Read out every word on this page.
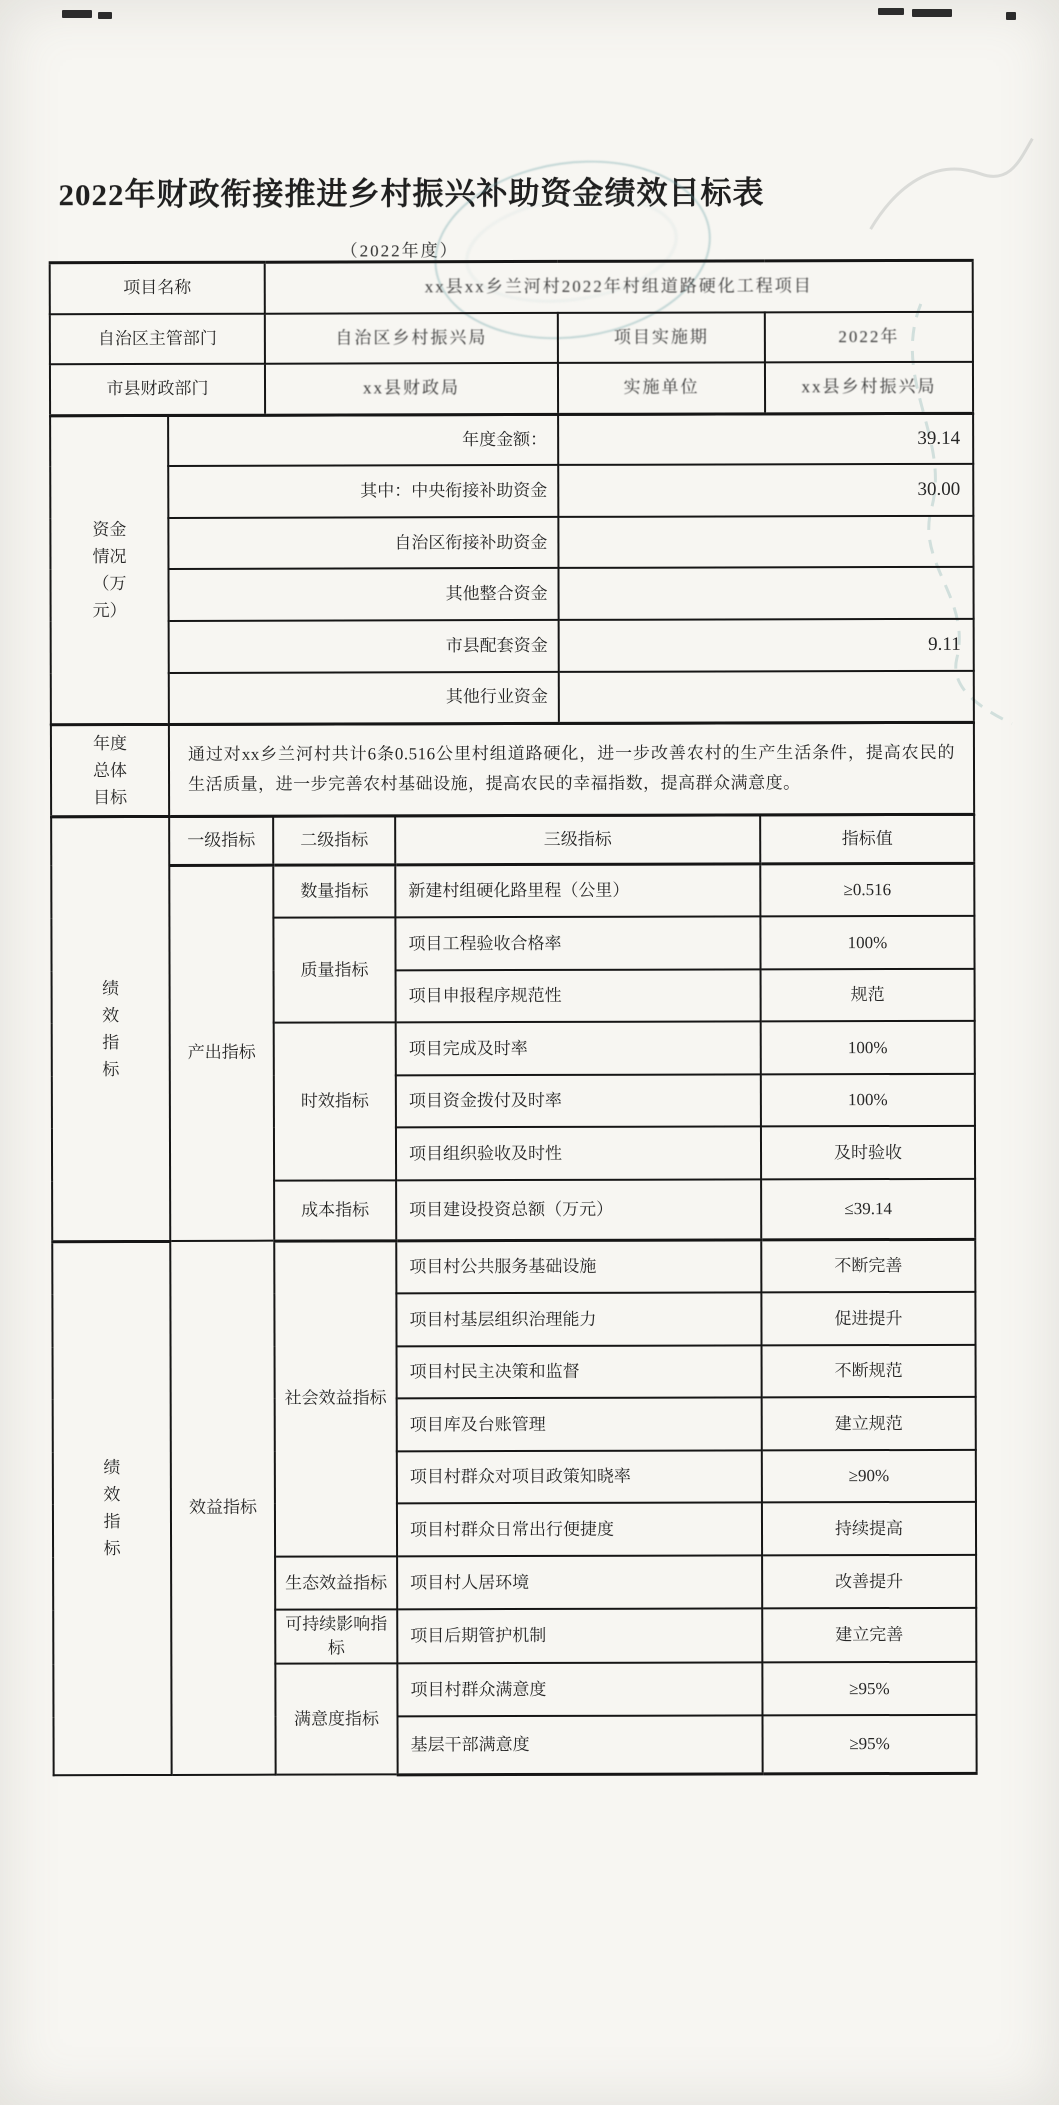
2022年财政衔接推进乡村振兴补助资金绩效目标表
（2022年度）
项目名称	xx县xx乡兰河村2022年村组道路硬化工程项目		
自治区主管部门	自治区乡村振兴局	项目实施期	2022年
市县财政部门	xx县财政局	实施单位	xx县乡村振兴局
资金情况（万元）	年度金额：	39.14
	其中：中央衔接补助资金	30.00
	自治区衔接补助资金	
	其他整合资金	
	市县配套资金	9.11
	其他行业资金	
年度总体目标

通过对xx乡兰河村共计6条0.516公里村组道路硬化，进一步改善农村的生产生活条件，提高农民的生活质量，进一步完善农村基础设施，提高农民的幸福指数，提高群众满意度。
绩效指标	一级指标	二级指标	三级指标	指标值
	产出指标	数量指标	新建村组硬化路里程（公里）	≥0.516
		质量指标	项目工程验收合格率	100%
			项目申报程序规范性	规范
		时效指标	项目完成及时率	100%
			项目资金拨付及时率	100%
			项目组织验收及时性	及时验收
		成本指标	项目建设投资总额（万元）	≤39.14

绩效指标	效益指标	社会效益指标	项目村公共服务基础设施	不断完善
			项目村基层组织治理能力	促进提升
			项目村民主决策和监督	不断规范
			项目库及台账管理	建立规范
			项目村群众对项目政策知晓率	≥90%
			项目村群众日常出行便捷度	持续提高
		生态效益指标	项目村人居环境	改善提升
		可持续影响指标	项目后期管护机制	建立完善
		满意度指标	项目村群众满意度	≥95%
			基层干部满意度	≥95%
